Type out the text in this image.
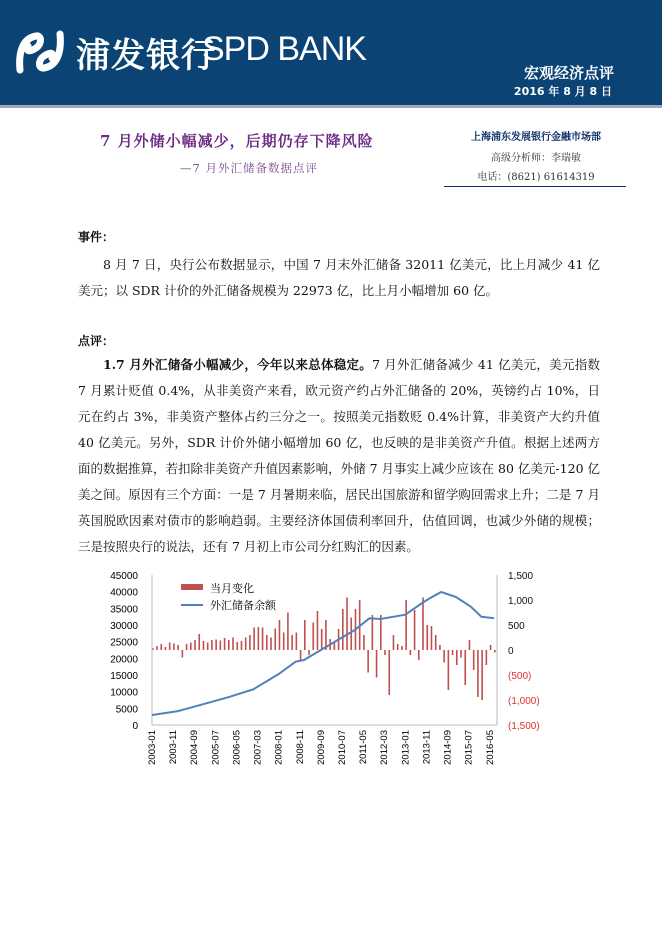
浦发银行
SPD BANK
宏观经济点评
2016 年 8 月 8 日
7 月外储小幅减少，后期仍存下降风险
—7 月外汇储备数据点评
上海浦东发展银行金融市场部
高级分析师：李瑞敏
电话：(8621) 61614319
事件：
8 月 7 日，央行公布数据显示，中国 7 月末外汇储备 32011 亿美元，比上月减少 41 亿美元；以 SDR 计价的外汇储备规模为 22973 亿，比上月小幅增加 60 亿。
点评：
1.7 月外汇储备小幅减少，今年以来总体稳定。7 月外汇储备减少 41 亿美元，美元指数 7 月累计贬值 0.4%，从非美资产来看，欧元资产约占外汇储备的 20%，英镑约占 10%，日元在约占 3%，非美资产整体占约三分之一。按照美元指数贬 0.4%计算，非美资产大约升值 40 亿美元。另外，SDR 计价外储小幅增加 60 亿，也反映的是非美资产升值。根据上述两方面的数据推算，若扣除非美资产升值因素影响，外储 7 月事实上减少应该在 80 亿美元-120 亿美之间。原因有三个方面：一是 7 月暑期来临，居民出国旅游和留学购回需求上升；二是 7 月英国脱欧因素对债市的影响趋弱。主要经济体国债利率回升，估值回调，也减少外储的规模；三是按照央行的说法，还有 7 月初上市公司分红购汇的因素。
45000
40000
35000
30000
25000
20000
15000
10000
5000
0
1,500
1,000
500
0
(500)
(1,000)
(1,500)
2003-01 2003-11 2004-09 2005-07 2006-05 2007-03 2008-01 2008-11 2009-09 2010-07 2011-05 2012-03 2013-01 2013-11 2014-09 2015-07 2016-05
当月变化
外汇储备余额
